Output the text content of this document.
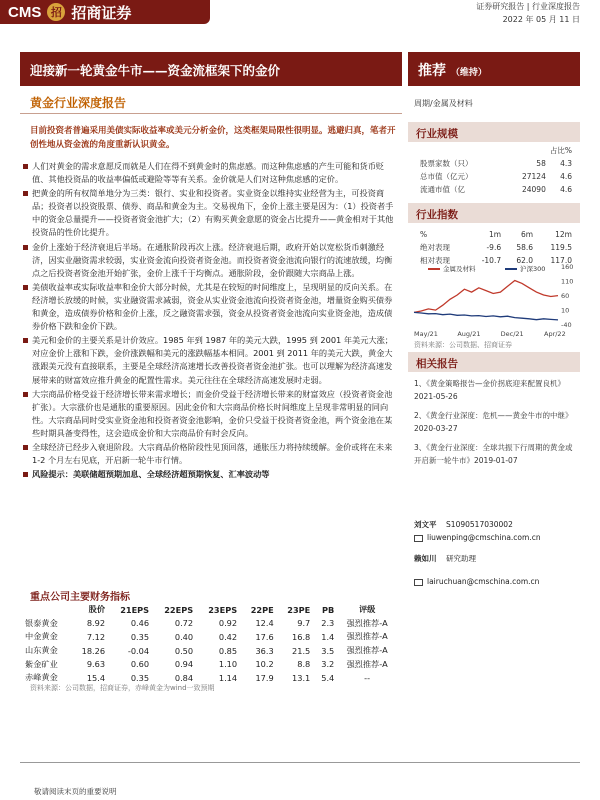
CMS 招 招商证券	证券研究报告 | 行业深度报告
2022 年 05 月 11 日
迎接新一轮黄金牛市——资金流框架下的金价	推荐 （维持）
黄金行业深度报告	周期/金属及材料
目前投资者普遍采用美债实际收益率或美元分析金价，这类框架局限性很明显。逃避归真，笔者开创性地从资金流的角度重新认识黄金。

人们对黄金的需求意愿反而就是人们在得不到黄金时的焦虑感。而这种焦虑感的产生可能和货币贬值、其他投资品的收益率偏低或避险等等有关系。金价就是人们对这种焦虑感的定价。

把黄金的所有权简单地分为三类：银行、实业和投资者。实业资金以维持实业经营为主，可投资商品；投资者以投资股票、债券、商品和黄金为主。交易视角下，金价上涨主要是因为：（1）投资者手中的资金总量提升——投资者资金池扩大；（2）有购买黄金意愿的资金占比提升——黄金相对于其他投资品的性价比提升。

金价上涨始于经济衰退后半场。在通胀阶段再次上涨。经济衰退后期，政府开始以宽松货币刺激经济，因实业融资需求较弱，实业资金流向投资者资金池。而投资者资金池流向银行的流速放缓，均衡点之后投资者资金池开始扩张，金价上涨千于均衡点。通胀阶段，金价跟随大宗商品上涨。

美债收益率或实际收益率和金价大部分时候，尤其是在较短的时间维度上，呈现明显的反向关系。在经济增长放缓的时候，实业融资需求减弱，资金从实业资金池流向投资者资金池，增量资金购买债券和黄金，造成债券价格和金价上涨，反之融资需求强，资金从投资者资金池流向实业资金池，造成债券价格下跌和金价下跌。

美元和金价的主要关系是计价效应。1985 年到 1987 年的美元大跌，1995 到 2001 年美元大涨；对应金价上涨和下跌，金价涨跌幅和美元的涨跌幅基本相同。2001 到 2011 年的美元大跌，黄金大涨跟美元没有直接联系，主要是全球经济高速增长改善投资者资金池扩张。也可以理解为经济高速发展带来的财富效应推升黄金的配置性需求。美元往往在全球经济高速发展时走弱。

大宗商品价格受益于经济增长带来需求增长；而金价受益于经济增长带来的财富效应（投资者资金池扩张）。大宗涨价也是通胀的重要原因。因此金价和大宗商品价格长时间维度上呈现非常明显的同向性。大宗商品同时受实业资金池和投资者资金池影响，金价只受益于投资者资金池，两个资金池在某些时期具备变得性，这会造成金价和大宗商品价有时会反向。

全球经济已经步入衰退阶段。大宗商品价格阶段性见顶回落，通胀压力将持续缓解。金价或将在未来 1-2 个月左右见底，开启新一轮牛市行情。

风险提示：美联储超预期加息、全球经济超预期恢复、汇率波动等

重点公司主要财务指标
	股价	21EPS	22EPS	23EPS	22PE	23PE	PB	评级
银泰黄金	8.92	0.46	0.72	0.92	12.4	9.7	2.3	强烈推荐-A
中金黄金	7.12	0.35	0.40	0.42	17.6	16.8	1.4	强烈推荐-A
山东黄金	18.26	-0.04	0.50	0.85	36.3	21.5	3.5	强烈推荐-A
紫金矿业	9.63	0.60	0.94	1.10	10.2	8.8	3.2	强烈推荐-A
赤峰黄金	15.4	0.35	0.84	1.14	17.9	13.1	5.4	--
资料来源：公司数据，招商证券，赤峰黄金为wind一致预期
行业规模
占比%
股票家数（只）	58	4.3
总市值（亿元）	27124	4.6
流通市值（亿	24090	4.6
行业指数
%	1m	6m	12m
绝对表现	-9.6	58.6	119.5
相对表现	-10.7	62.0	117.0
160
110
60
10
-40
May/21	Aug/21	Dec/21	Apr/22
金属及材料	沪深300
资料来源：公司数据、招商证券
相关报告
1、《黄金策略报告—金价拐底迎来配置良机》2021-05-26
2、《黄金行业深度：危机——黄金牛市的中继》2020-03-27
3、《黄金行业深度：全球共振下行周期的黄金或开启新一轮牛市》2019-01-07
刘文平 S1090517030002
liuwenping@cmschina.com.cn
赖如川 研究助理
lairuchuan@cmschina.com.cn
敬请阅读末页的重要说明
